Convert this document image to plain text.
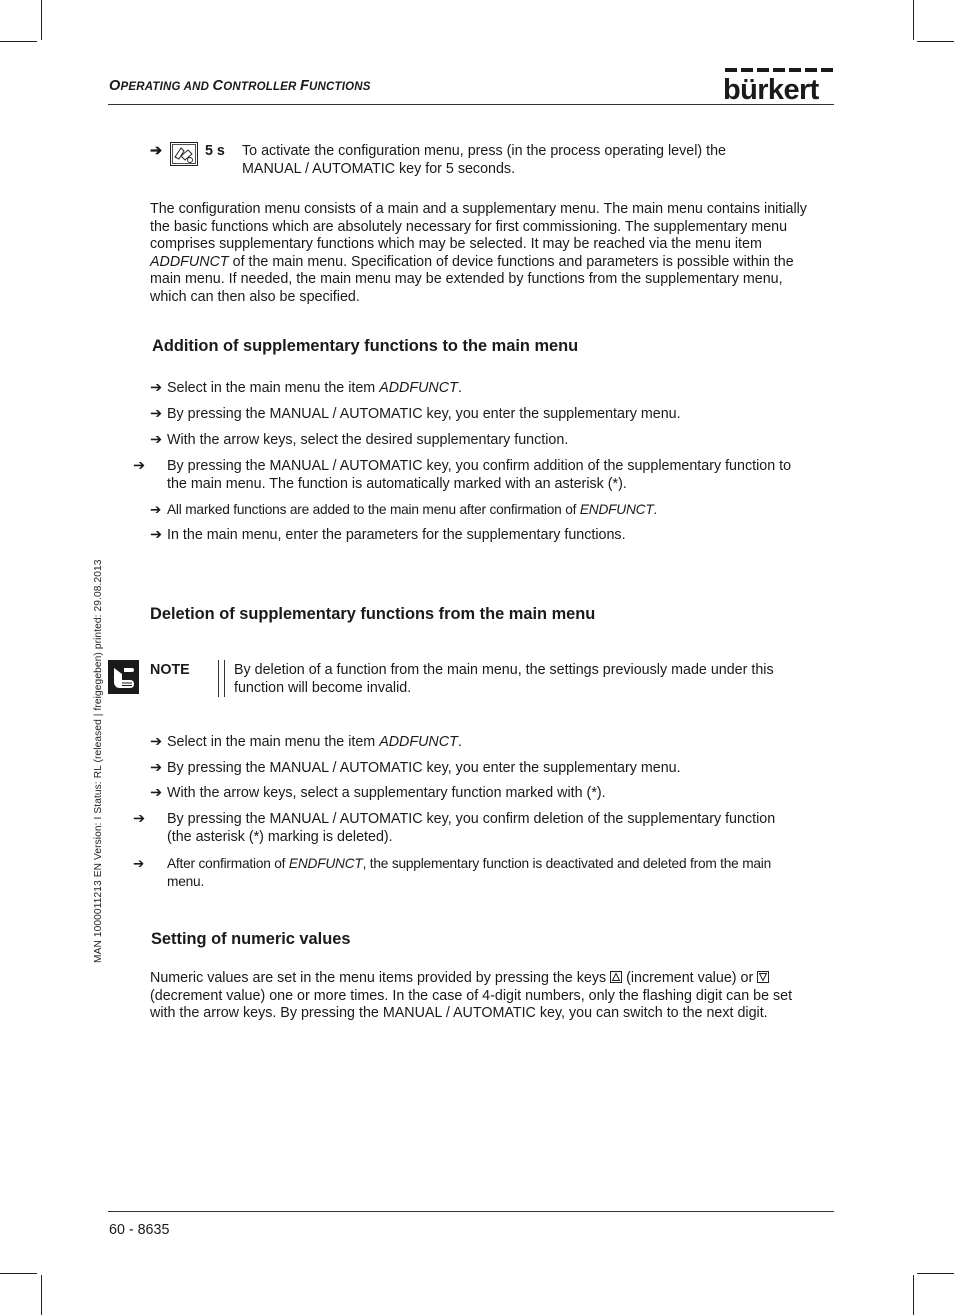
OPERATING AND CONTROLLER FUNCTIONS	bürkert
➔	5 s To activate the configuration menu, press (in the process operating level) the
MANUAL / AUTOMATIC key for 5 seconds.
The configuration menu consists of a main and a supplementary menu. The main menu contains initially
the basic functions which are absolutely necessary for first commissioning. The supplementary menu
comprises supplementary functions which may be selected. It may be reached via the menu item
ADDFUNCT of the main menu. Specification of device functions and parameters is possible within the
main menu. If needed, the main menu may be extended by functions from the supplementary menu,
which can then also be specified.
Addition of supplementary functions to the main menu
➔ Select in the main menu the item ADDFUNCT.
➔ By pressing the MANUAL / AUTOMATIC key, you enter the supplementary menu.
➔ With the arrow keys, select the desired supplementary function.
➔ By pressing the MANUAL / AUTOMATIC key, you confirm addition of the supplementary function to
the main menu. The function is automatically marked with an asterisk (*).
➔ All marked functions are added to the main menu after confirmation of ENDFUNCT.
➔ In the main menu, enter the parameters for the supplementary functions.
Deletion of supplementary functions from the main menu
NOTE	By deletion of a function from the main menu, the settings previously made under this
function will become invalid.
➔ Select in the main menu the item ADDFUNCT.
➔ By pressing the MANUAL / AUTOMATIC key, you enter the supplementary menu.
➔ With the arrow keys, select a supplementary function marked with (*).
➔ By pressing the MANUAL / AUTOMATIC key, you confirm deletion of the supplementary function
(the asterisk (*) marking is deleted).
➔ After confirmation of ENDFUNCT, the supplementary function is deactivated and deleted from the main
menu.
Setting of numeric values
Numeric values are set in the menu items provided by pressing the keys  (increment value) or
(decrement value) one or more times. In the case of 4-digit numbers, only the flashing digit can be set
with the arrow keys. By pressing the MANUAL / AUTOMATIC key, you can switch to the next digit.
MAN 1000011213 EN Version: I Status: RL (released | freigegeben) printed: 29.08.2013
60 - 8635
